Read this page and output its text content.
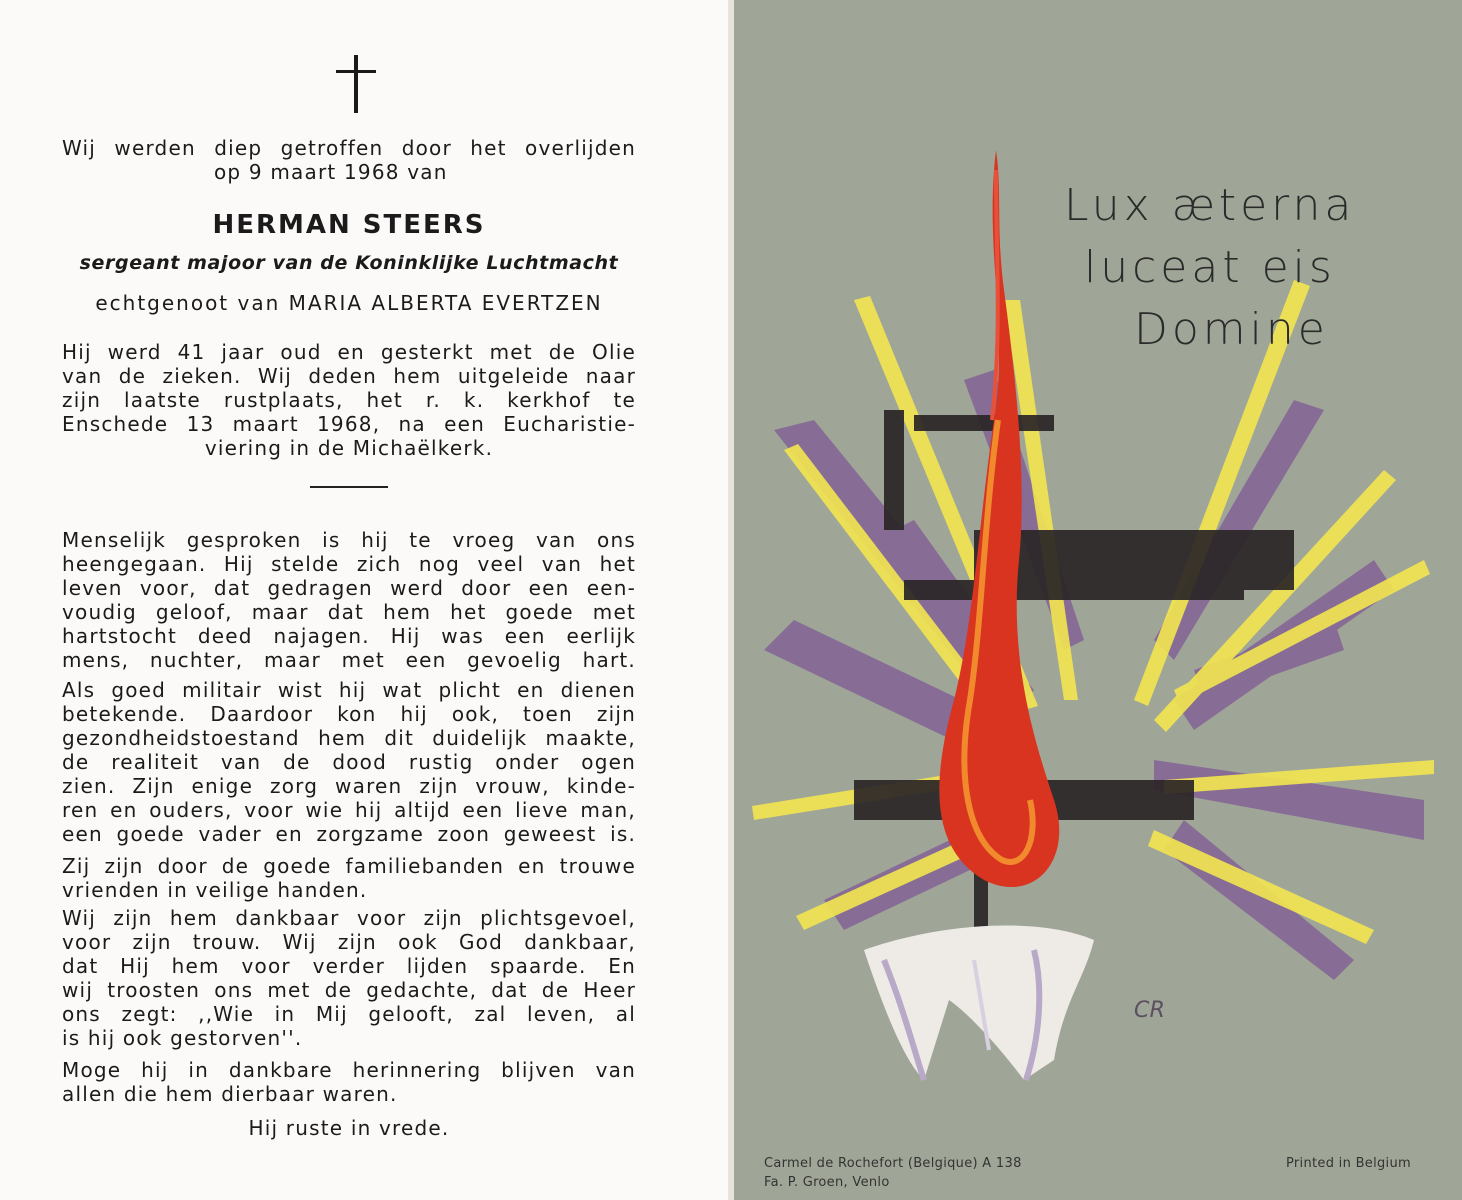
Wij werden diep getroffen door het overlijden
op 9 maart 1968 van
HERMAN STEERS
sergeant majoor van de Koninklijke Luchtmacht
echtgenoot van MARIA ALBERTA EVERTZEN
Hij werd 41 jaar oud en gesterkt met de Olie
van de zieken. Wij deden hem uitgeleide naar
zijn laatste rustplaats, het r. k. kerkhof te
Enschede 13 maart 1968, na een Eucharistie-
viering in de Michaëlkerk.
Menselijk gesproken is hij te vroeg van ons
heengegaan. Hij stelde zich nog veel van het
leven voor, dat gedragen werd door een een-
voudig geloof, maar dat hem het goede met
hartstocht deed najagen. Hij was een eerlijk
mens, nuchter, maar met een gevoelig hart.
Als goed militair wist hij wat plicht en dienen
betekende. Daardoor kon hij ook, toen zijn
gezondheidstoestand hem dit duidelijk maakte,
de realiteit van de dood rustig onder ogen
zien. Zijn enige zorg waren zijn vrouw, kinde-
ren en ouders, voor wie hij altijd een lieve man,
een goede vader en zorgzame zoon geweest is.
Zij zijn door de goede familiebanden en trouwe
vrienden in veilige handen.
Wij zijn hem dankbaar voor zijn plichtsgevoel,
voor zijn trouw. Wij zijn ook God dankbaar,
dat Hij hem voor verder lijden spaarde. En
wij troosten ons met de gedachte, dat de Heer
ons zegt: ,,Wie in Mij gelooft, zal leven, al
is hij ook gestorven''.
Moge hij in dankbare herinnering blijven van
allen die hem dierbaar waren.
Hij ruste in vrede.
Lux æterna
luceat eis
Domine
CR
Carmel de Rochefort (Belgique) A 138
Fa. P. Groen, Venlo
Printed in Belgium
